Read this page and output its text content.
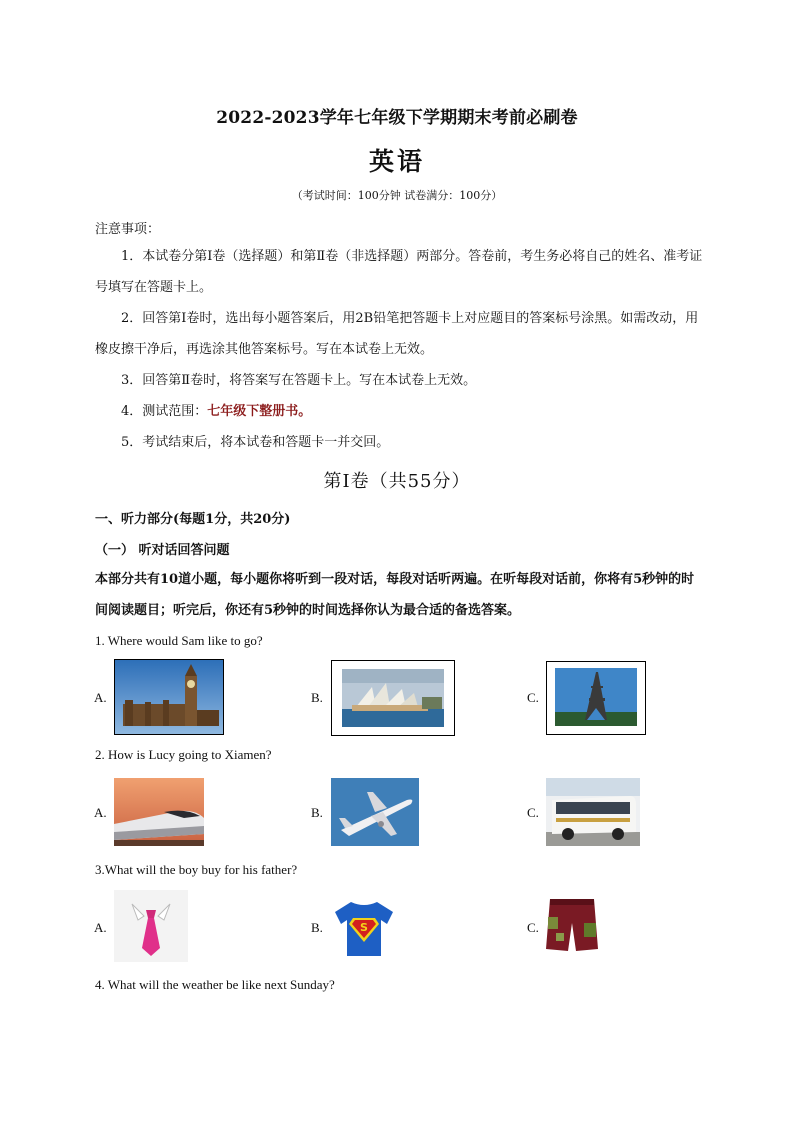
2022-2023学年七年级下学期期末考前必刷卷
英语
（考试时间：100分钟 试卷满分：100分）
注意事项：
1．本试卷分第Ⅰ卷（选择题）和第Ⅱ卷（非选择题）两部分。答卷前，考生务必将自己的姓名、准考证号填写在答题卡上。
2．回答第Ⅰ卷时，选出每小题答案后，用2B铅笔把答题卡上对应题目的答案标号涂黑。如需改动，用橡皮擦干净后，再选涂其他答案标号。写在本试卷上无效。
3．回答第Ⅱ卷时，将答案写在答题卡上。写在本试卷上无效。
4．测试范围：七年级下整册书。
5．考试结束后，将本试卷和答题卡一并交回。
第Ⅰ卷（共55分）
一、听力部分(每题1分，共20分)
（一） 听对话回答问题
本部分共有10道小题，每小题你将听到一段对话，每段对话听两遍。在听每段对话前，你将有5秒钟的时间阅读题目；听完后，你还有5秒钟的时间选择你认为最合适的备选答案。
1. Where would Sam like to go?
A.	B.	C.
2. How is Lucy going to Xiamen?
A.	B.	C.
3.What will the boy buy for his father?
A.	B.	S	C.
4. What will the weather be like next Sunday?
